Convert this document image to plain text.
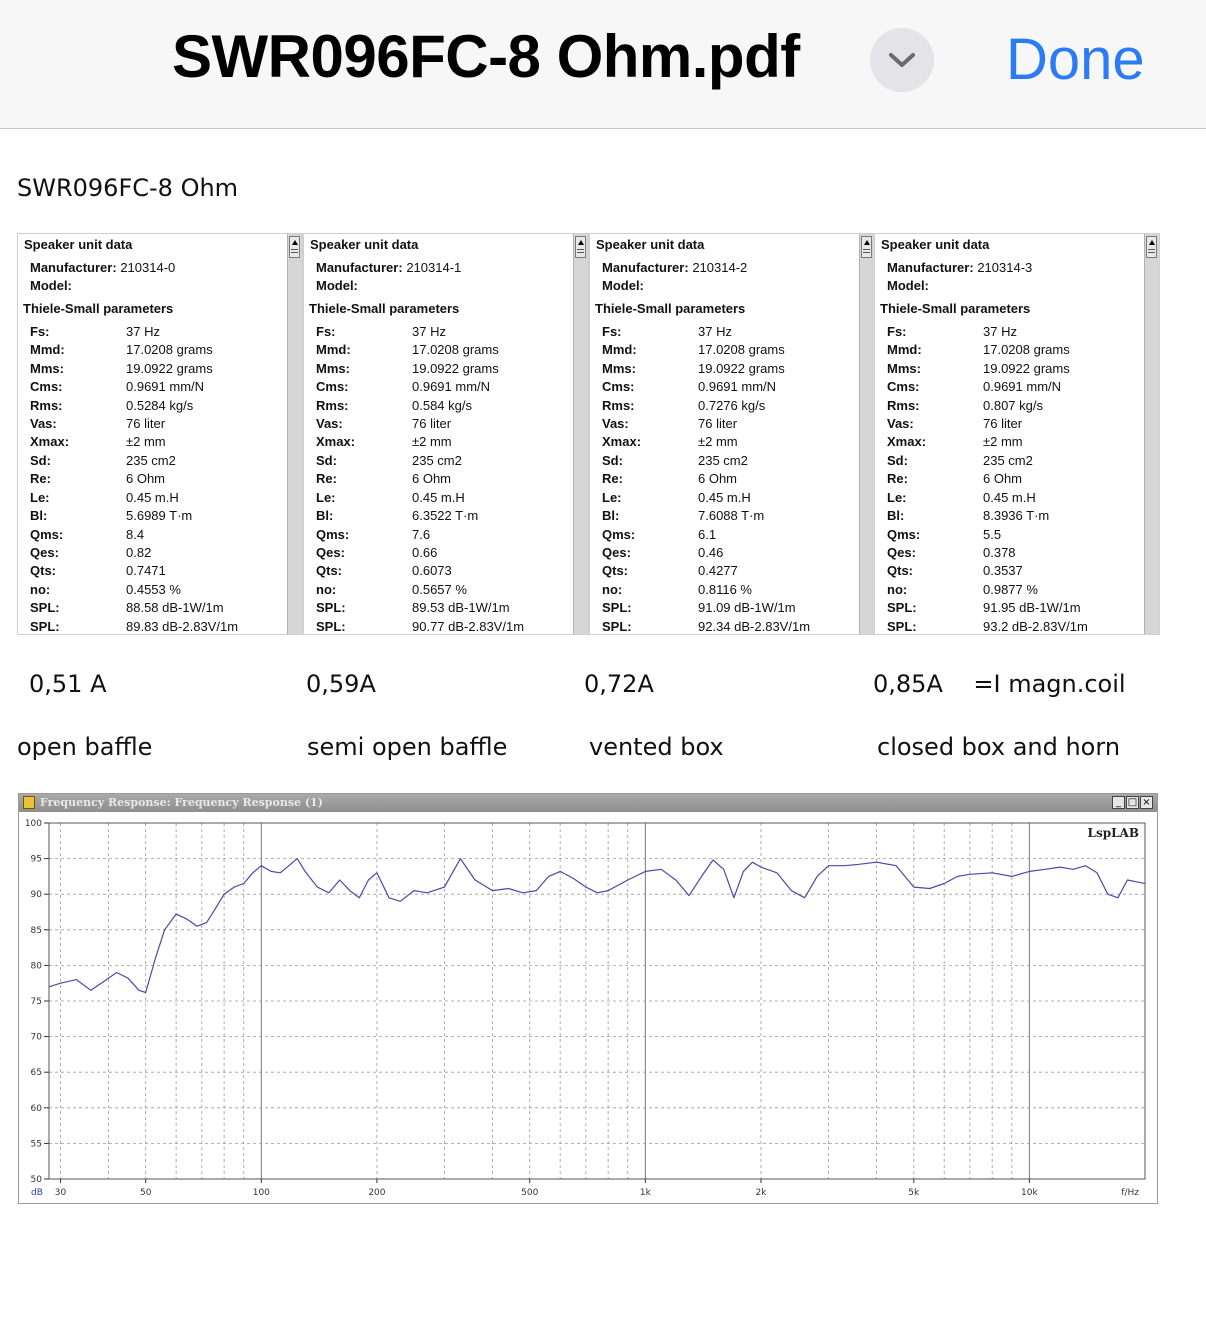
SWR096FC-8 Ohm.pdf	Done
SWR096FC-8 Ohm
Speaker unit data
Manufacturer: 210314-0
Model:
Thiele-Small parameters
Fs:	37 Hz
Mmd:	17.0208 grams
Mms:	19.0922 grams
Cms:	0.9691 mm/N
Rms:	0.5284 kg/s
Vas:	76 liter
Xmax:	±2 mm
Sd:	235 cm2
Re:	6 Ohm
Le:	0.45 m.H
Bl:	5.6989 T·m
Qms:	8.4
Qes:	0.82
Qts:	0.7471
no:	0.4553 %
SPL:	88.58 dB-1W/1m
SPL:	89.83 dB-2.83V/1m
Speaker unit data
Manufacturer: 210314-1
Model:
Thiele-Small parameters
Fs:	37 Hz
Mmd:	17.0208 grams
Mms:	19.0922 grams
Cms:	0.9691 mm/N
Rms:	0.584 kg/s
Vas:	76 liter
Xmax:	±2 mm
Sd:	235 cm2
Re:	6 Ohm
Le:	0.45 m.H
Bl:	6.3522 T·m
Qms:	7.6
Qes:	0.66
Qts:	0.6073
no:	0.5657 %
SPL:	89.53 dB-1W/1m
SPL:	90.77 dB-2.83V/1m
Speaker unit data
Manufacturer: 210314-2
Model:
Thiele-Small parameters
Fs:	37 Hz
Mmd:	17.0208 grams
Mms:	19.0922 grams
Cms:	0.9691 mm/N
Rms:	0.7276 kg/s
Vas:	76 liter
Xmax:	±2 mm
Sd:	235 cm2
Re:	6 Ohm
Le:	0.45 m.H
Bl:	7.6088 T·m
Qms:	6.1
Qes:	0.46
Qts:	0.4277
no:	0.8116 %
SPL:	91.09 dB-1W/1m
SPL:	92.34 dB-2.83V/1m
Speaker unit data
Manufacturer: 210314-3
Model:
Thiele-Small parameters
Fs:	37 Hz
Mmd:	17.0208 grams
Mms:	19.0922 grams
Cms:	0.9691 mm/N
Rms:	0.807 kg/s
Vas:	76 liter
Xmax:	±2 mm
Sd:	235 cm2
Re:	6 Ohm
Le:	0.45 m.H
Bl:	8.3936 T·m
Qms:	5.5
Qes:	0.378
Qts:	0.3537
no:	0.9877 %
SPL:	91.95 dB-1W/1m
SPL:	93.2 dB-2.83V/1m
0,51 A	0,59A	0,72A	0,85A    =I magn.coil
open baffle	semi open baffle	vented box	closed box and horn
Frequency Response: Frequency Response (1)	_ □ ×
50
55
60
65
70
75
80
85
90
95
100
30	50	100	200	500	1k	2k	5k	10k
dB	f/Hz
LspLAB
